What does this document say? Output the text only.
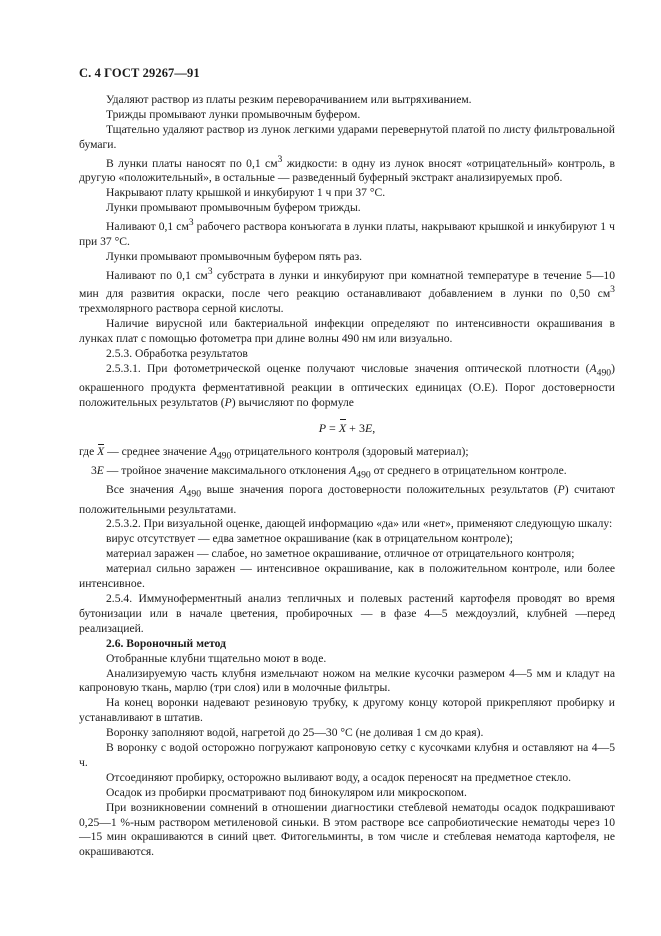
С. 4 ГОСТ 29267—91

Удаляют раствор из платы резким переворачиванием или вытряхиванием.

Трижды промывают лунки промывочным буфером.

Тщательно удаляют раствор из лунок легкими ударами перевернутой платой по листу фильтровальной бумаги.

В лунки платы наносят по 0,1 $см^3$ жидкости: в одну из лунок вносят «отрицательный» контроль, в другую «положительный», в остальные — разведенный буферный экстракт анализируемых проб.

Накрывают плату крышкой и инкубируют 1 ч при 37 °С.

Лунки промывают промывочным буфером трижды.

Наливают 0,1 $см^3$ рабочего раствора конъюгата в лунки платы, накрывают крышкой и инкубируют 1 ч при 37 °С.

Лунки промывают промывочным буфером пять раз.

Наливают по 0,1 $см^3$ субстрата в лунки и инкубируют при комнатной температуре в течение 5—10 мин для развития окраски, после чего реакцию останавливают добавлением в лунки по 0,50 $см^3$ трехмолярного раствора серной кислоты.

Наличие вирусной или бактериальной инфекции определяют по интенсивности окрашивания в лунках плат с помощью фотометра при длине волны 490 нм или визуально.

2.5.3. Обработка результатов

2.5.3.1. При фотометрической оценке получают числовые значения оптической плотности $(A_{490})$ окрашенного продукта ферментативной реакции в оптических единицах (О.Е). Порог достоверности положительных результатов (P) вычисляют по формуле

P = X + 3E,

где X — среднее значение $A_{490}$ отрицательного контроля (здоровый материал);

3E — тройное значение максимального отклонения $A_{490}$ от среднего в отрицательном контроле.

Все значения $A_{490}$ выше значения порога достоверности положительных результатов (P) считают положительными результатами.

2.5.3.2. При визуальной оценке, дающей информацию «да» или «нет», применяют следующую шкалу:

вирус отсутствует — едва заметное окрашивание (как в отрицательном контроле);

материал заражен — слабое, но заметное окрашивание, отличное от отрицательного контроля;

материал сильно заражен — интенсивное окрашивание, как в положительном контроле, или более интенсивное.

2.5.4. Иммуноферментный анализ тепличных и полевых растений картофеля проводят во время бутонизации или в начале цветения, пробирочных — в фазе 4—5 междоузлий, клубней —перед реализацией.

2.6. Вороночный метод

Отобранные клубни тщательно моют в воде.

Анализируемую часть клубня измельчают ножом на мелкие кусочки размером 4—5 мм и кладут на капроновую ткань, марлю (три слоя) или в молочные фильтры.

На конец воронки надевают резиновую трубку, к другому концу которой прикрепляют пробирку и устанавливают в штатив.

Воронку заполняют водой, нагретой до 25—30 °С (не доливая 1 см до края).

В воронку с водой осторожно погружают капроновую сетку с кусочками клубня и оставляют на 4—5 ч.

Отсоединяют пробирку, осторожно выливают воду, а осадок переносят на предметное стекло.

Осадок из пробирки просматривают под бинокуляром или микроскопом.

При возникновении сомнений в отношении диагностики стеблевой нематоды осадок подкрашивают 0,25—1 %-ным раствором метиленовой синьки. В этом растворе все сапробиотические нематоды через 10—15 мин окрашиваются в синий цвет. Фитогельминты, в том числе и стеблевая нематода картофеля, не окрашиваются.
